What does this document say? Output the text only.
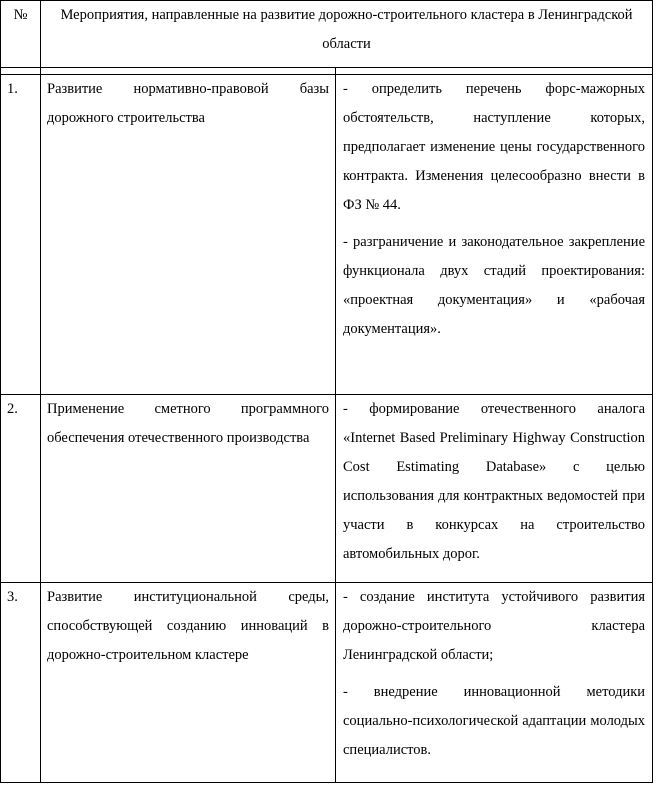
№	Мероприятия, направленные на развитие дорожно-строительного кластера в Ленинградской области	

1.	Развитие нормативно-правовой базы дорожного строительства	- определить перечень форс-мажорных обстоятельств, наступление которых, предполагает изменение цены государственного контракта. Изменения целесообразно внести в ФЗ № 44.

- разграничение и законодательное закрепление функционала двух стадий проектирования: «проектная документация» и «рабочая документация».

2.	Применение сметного программного обеспечения отечественного производства	- формирование отечественного аналога «Internet Based Preliminary Highway Construction Cost Estimating Database» с целью использования для контрактных ведомостей при участи в конкурсах на строительство автомобильных дорог.

3.	Развитие институциональной среды, способствующей созданию инноваций в дорожно-строительном кластере	- создание института устойчивого развития дорожно-строительного кластера Ленинградской области;

- внедрение инновационной методики социально-психологической адаптации молодых специалистов.
